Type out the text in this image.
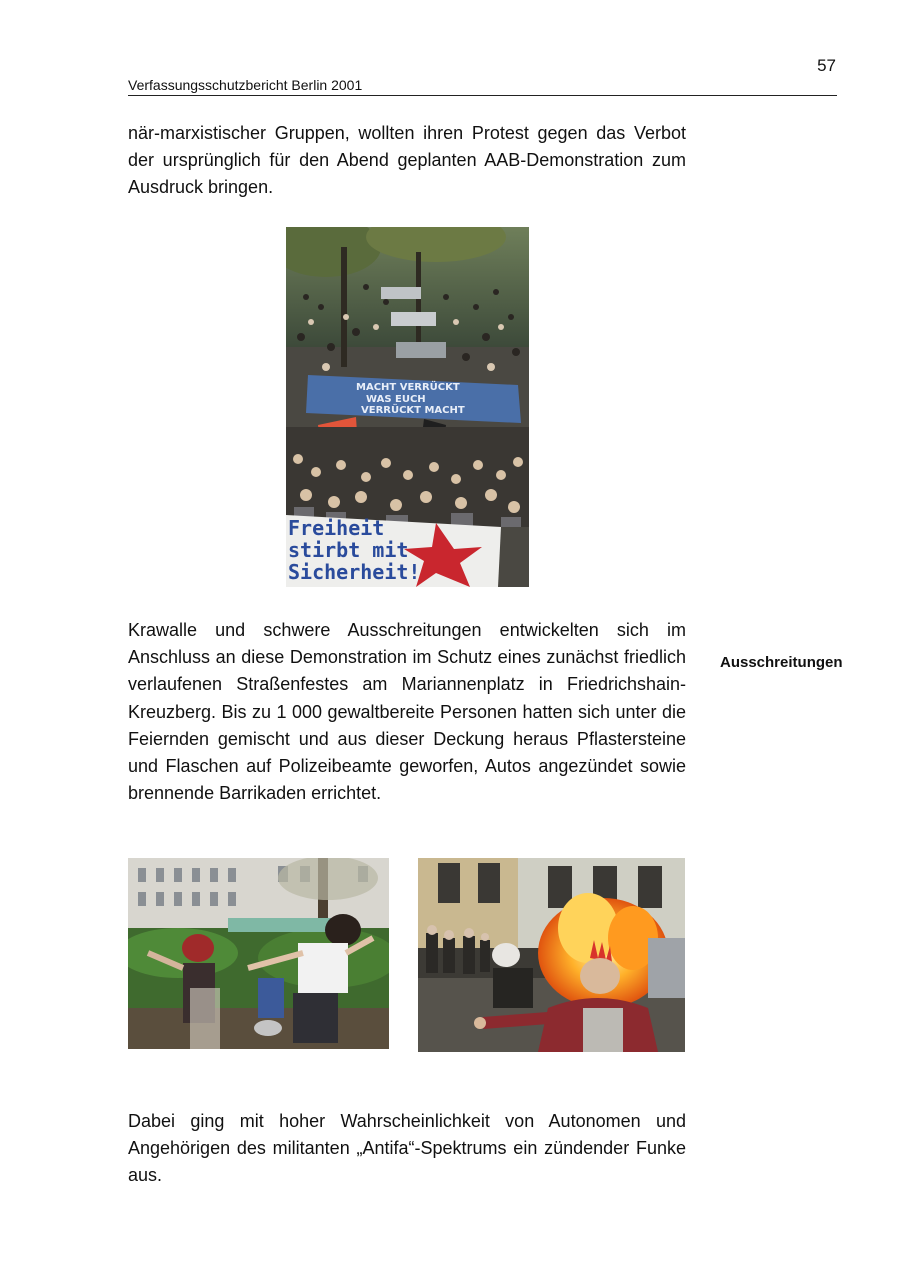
57
Verfassungsschutzbericht Berlin 2001

när-marxistischer Gruppen, wollten ihren Protest gegen das Verbot der ursprünglich für den Abend geplanten AAB-Demonstration zum Ausdruck bringen.

MACHT VERRÜCKT
WAS EUCH
VERRÜCKT MACHT
Freiheit
stirbt mit
Sicherheit!

Krawalle und schwere Ausschreitungen entwickelten sich im Anschluss an diese Demonstration im Schutz eines zunächst friedlich verlaufenen Straßenfestes am Mariannenplatz in Friedrichshain-Kreuzberg. Bis zu 1 000 gewaltbereite Personen hatten sich unter die Feiernden gemischt und aus dieser Deckung heraus Pflastersteine und Flaschen auf Polizeibeamte geworfen, Autos angezündet sowie brennende Barrikaden errichtet.

Ausschreitungen

Dabei ging mit hoher Wahrscheinlichkeit von Autonomen und Angehörigen des militanten „Antifa“-Spektrums ein zündender Funke aus.
